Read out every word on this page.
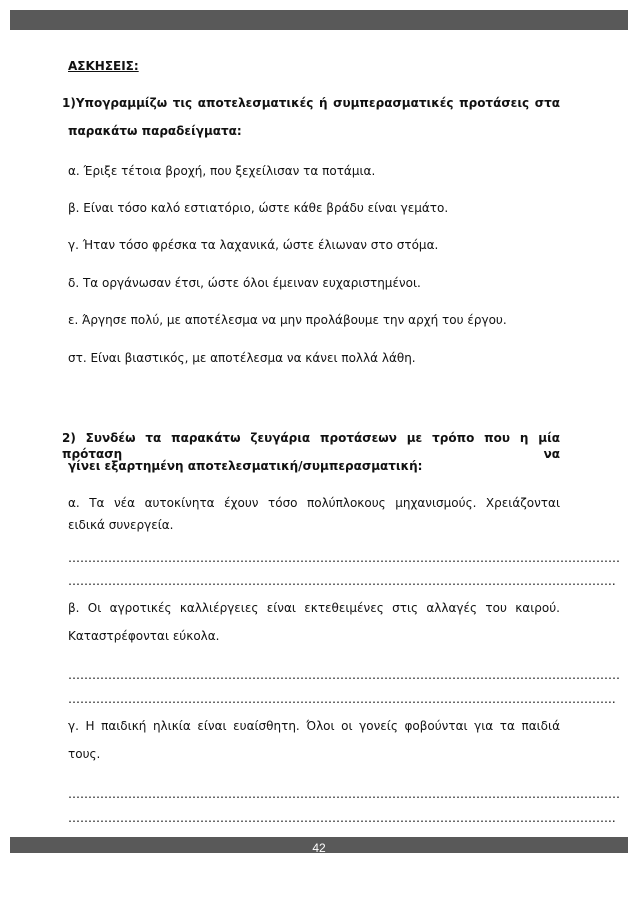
ΑΣΚΗΣΕΙΣ:
1)Υπογραμμίζω τις αποτελεσματικές ή συμπερασματικές προτάσεις στα
παρακάτω παραδείγματα:
α. Έριξε τέτοια βροχή, που ξεχείλισαν τα ποτάμια.
β. Είναι τόσο καλό εστιατόριο, ώστε κάθε βράδυ είναι γεμάτο.
γ. Ήταν τόσο φρέσκα τα λαχανικά, ώστε έλιωναν στο στόμα.
δ. Τα οργάνωσαν έτσι, ώστε όλοι έμειναν ευχαριστημένοι.
ε. Άργησε πολύ, με αποτέλεσμα να μην προλάβουμε την αρχή του έργου.
στ. Είναι βιαστικός, με αποτέλεσμα να κάνει πολλά λάθη.
2) Συνδέω τα παρακάτω ζευγάρια προτάσεων με τρόπο που η μία πρόταση να
γίνει εξαρτημένη αποτελεσματική/συμπερασματική:
α. Τα νέα αυτοκίνητα έχουν τόσο πολύπλοκους μηχανισμούς. Χρειάζονται
ειδικά συνεργεία.
…………………………………………………………………………………………………………………………
………………………………………………………………………………………………………………………..
β. Οι αγροτικές καλλιέργειες είναι εκτεθειμένες στις αλλαγές του καιρού.
Καταστρέφονται εύκολα.
…………………………………………………………………………………………………………………………
………………………………………………………………………………………………………………………..
γ. Η παιδική ηλικία είναι ευαίσθητη. Όλοι οι γονείς φοβούνται για τα παιδιά
τους.
…………………………………………………………………………………………………………………………
………………………………………………………………………………………………………………………..
42
